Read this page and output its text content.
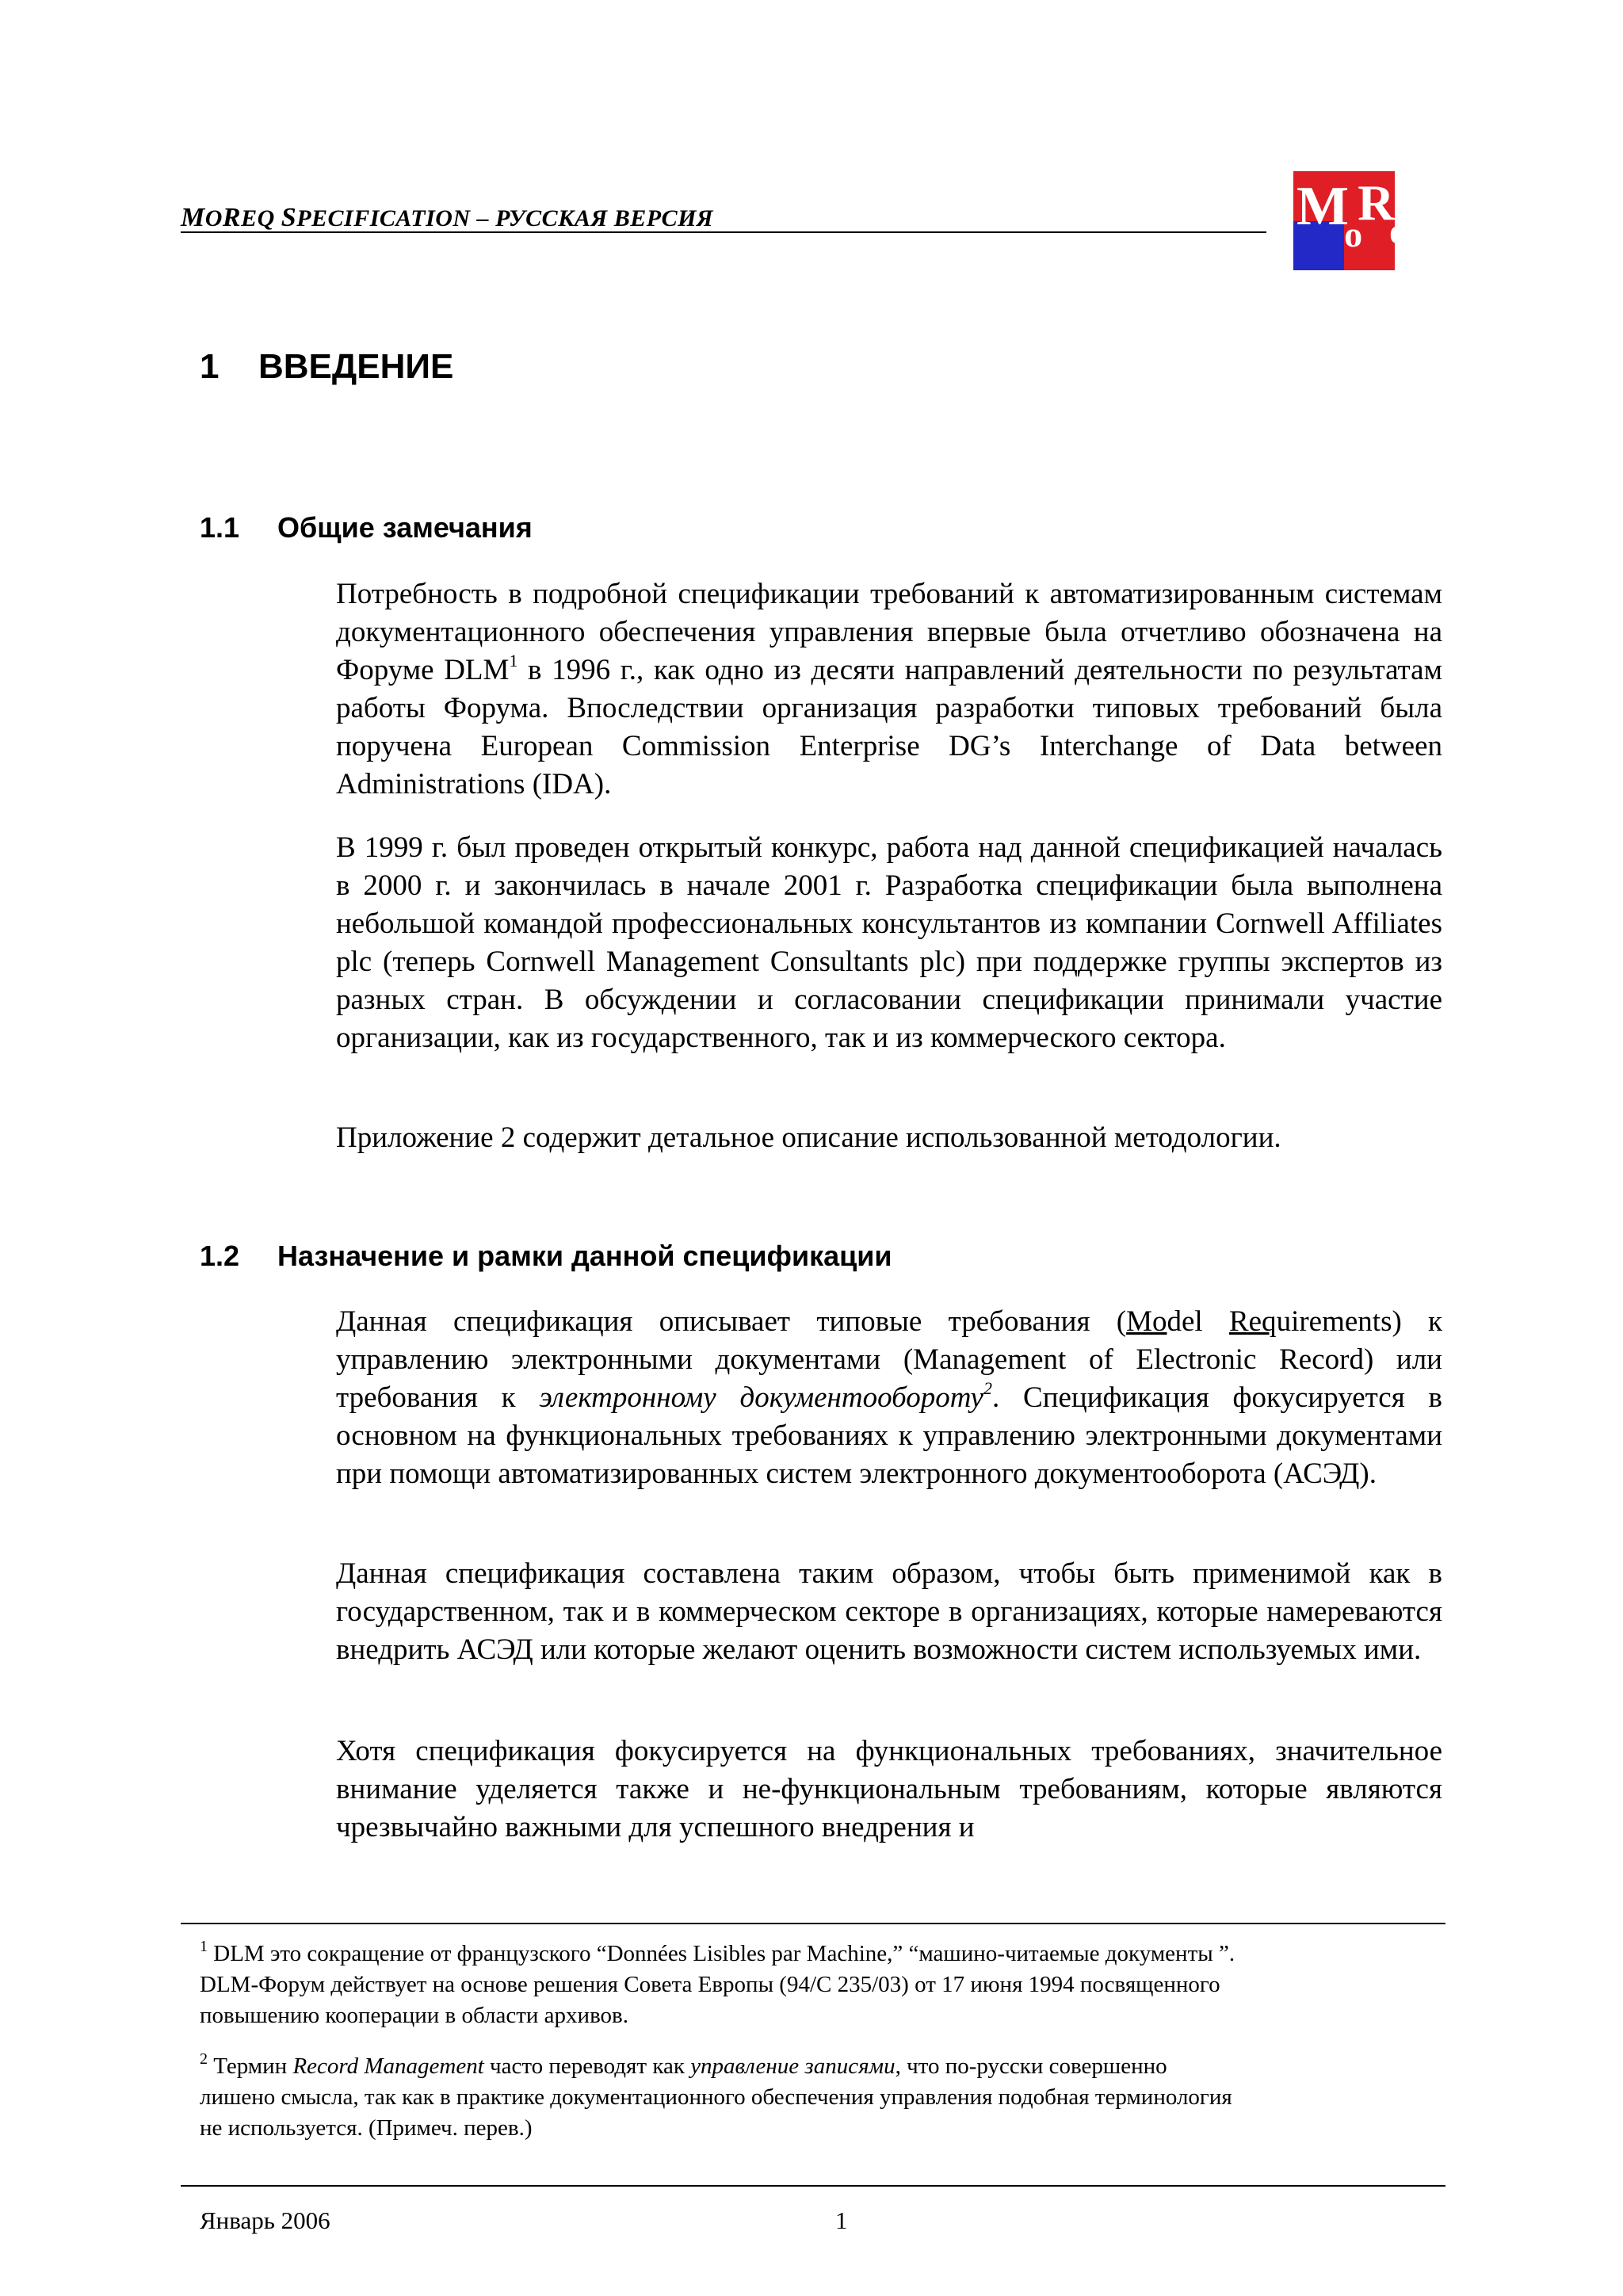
MOREQ SPECIFICATION – РУССКАЯ ВЕРСИЯ	$M_oR_{eq}$
1 ВВЕДЕНИЕ
1.1 Общие замечания

Потребность в подробной спецификации требований к автоматизированным системам документационного обеспечения управления впервые была отчетливо обозначена на Форуме DLM$^1$ в 1996 г., как одно из десяти направлений деятельности по результатам работы Форума. Впоследствии организация разработки типовых требований была поручена European Commission Enterprise DG’s Interchange of Data between Administrations (IDA).

В 1999 г. был проведен открытый конкурс, работа над данной спецификацией началась в 2000 г. и закончилась в начале 2001 г. Разработка спецификации была выполнена небольшой командой профессиональных консультантов из компании Cornwell Affiliates plc (теперь Cornwell Management Consultants plc) при поддержке группы экспертов из разных стран. В обсуждении и согласовании спецификации принимали участие организации, как из государственного, так и из коммерческого сектора.

Приложение 2 содержит детальное описание использованной методологии.

1.2 Назначение и рамки данной спецификации

Данная спецификация описывает типовые требования (Model Requirements) к управлению электронными документами (Management of Electronic Record) или требования к электронному документообороту$^2$. Спецификация фокусируется в основном на функциональных требованиях к управлению электронными документами при помощи автоматизированных систем электронного документооборота (АСЭД).

Данная спецификация составлена таким образом, чтобы быть применимой как в государственном, так и в коммерческом секторе в организациях, которые намереваются внедрить АСЭД или которые желают оценить возможности систем используемых ими.

Хотя спецификация фокусируется на функциональных требованиях, значительное внимание уделяется также и не-функциональным требованиям, которые являются чрезвычайно важными для успешного внедрения и

$^1$ DLM это сокращение от французского “Données Lisibles par Machine,” “машино-читаемые документы ”.

DLM-Форум действует на основе решения Совета Европы (94/С 235/03) от 17 июня 1994 посвященного

повышению кооперации в области архивов.

$^2$ Термин Record Management часто переводят как управление записями, что по-русски совершенно

лишено смысла, так как в практике документационного обеспечения управления подобная терминология

не используется. (Примеч. перев.)

Январь 2006	1
